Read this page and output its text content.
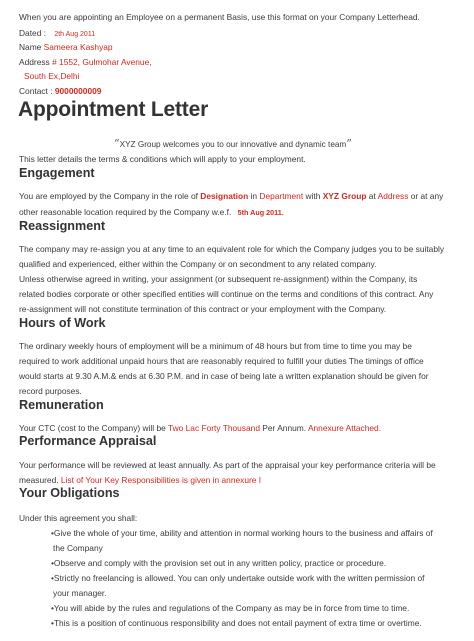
When you are appointing an Employee on a permanent Basis, use this format on your Company Letterhead.
Dated : 2th Aug 2011
Name Sameera Kashyap
Address # 1552, Gulmohar Avenue,
South Ex,Delhi
Contact : 9000000009
Appointment Letter
“XYZ Group welcomes you to our innovative and dynamic team”
This letter details the terms & conditions which will apply to your employment.
Engagement
You are employed by the Company in the role of Designation in Department with XYZ Group at Address or at any
other reasonable location required by the Company w.e.f. 5th Aug 2011.
Reassignment
The company may re-assign you at any time to an equivalent role for which the Company judges you to be suitably
qualified and experienced, either within the Company or on secondment to any related company.
Unless otherwise agreed in writing, your assignment (or subsequent re-assignment) within the Company, its
related bodies corporate or other specified entities will continue on the terms and conditions of this contract. Any
re-assignment will not constitute termination of this contract or your employment with the Company.
Hours of Work
The ordinary weekly hours of employment will be a minimum of 48 hours but from time to time you may be
required to work additional unpaid hours that are reasonably required to fulfill your duties The timings of office
would starts at 9.30 A.M.& ends at 6.30 P.M. and in case of being late a written explanation should be given for
record purposes.
Remuneration
Your CTC (cost to the Company) will be Two Lac Forty Thousand Per Annum. Annexure Attached.
Performance Appraisal
Your performance will be reviewed at least annually. As part of the appraisal your key performance criteria will be
measured. List of Your Key Responsibilities is given in annexure I
Your Obligations
Under this agreement you shall:
•Give the whole of your time, ability and attention in normal working hours to the business and affairs of
the Company
•Observe and comply with the provision set out in any written policy, practice or procedure.
•Strictly no freelancing is allowed. You can only undertake outside work with the written permission of
your manager.
•You will abide by the rules and regulations of the Company as may be in force from time to time.
•This is a position of continuous responsibility and does not entail payment of extra time or overtime.
